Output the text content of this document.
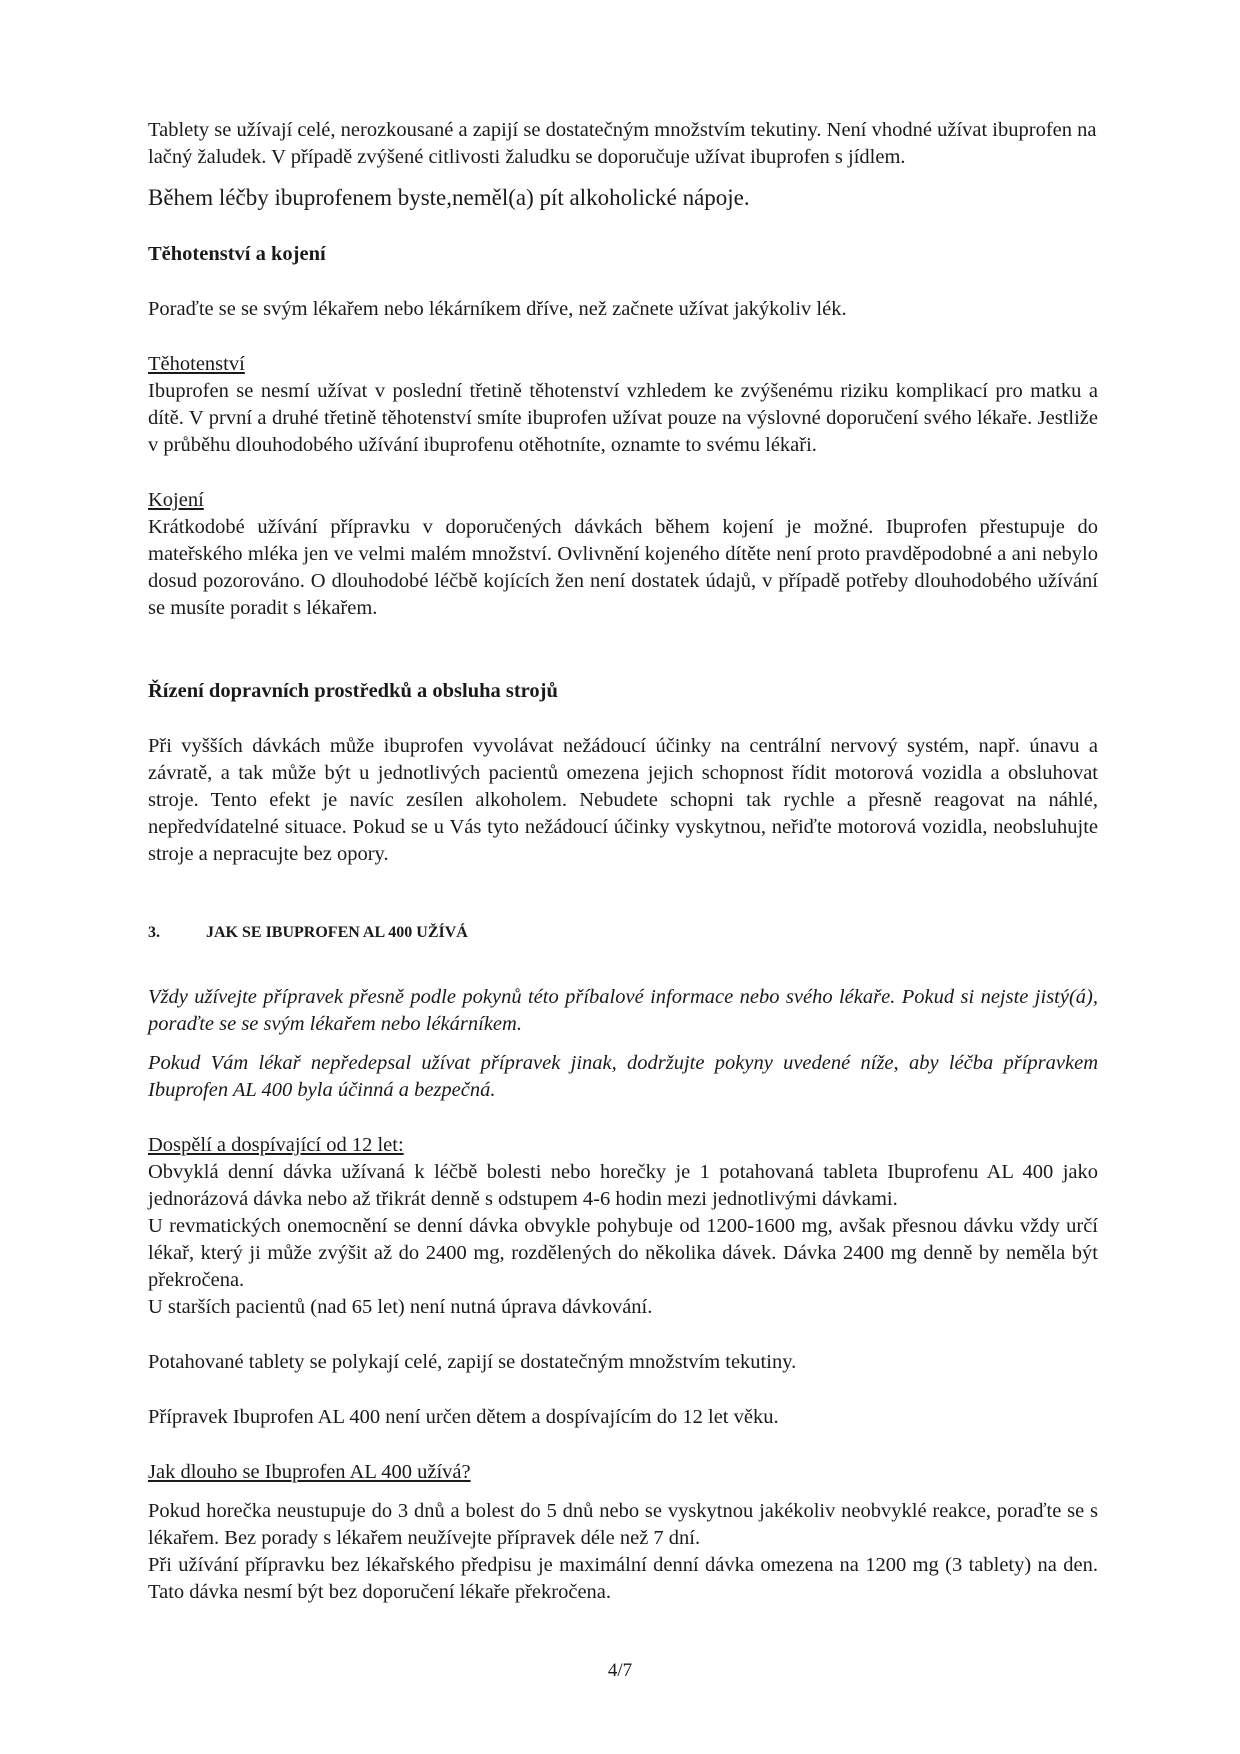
Tablety se užívají celé, nerozkousané a zapijí se dostatečným množstvím tekutiny. Není vhodné užívat ibuprofen na lačný žaludek. V případě zvýšené citlivosti žaludku se doporučuje užívat ibuprofen s jídlem.

Během léčby ibuprofenem byste,neměl(a) pít alkoholické nápoje.

Těhotenství a kojení

Poraďte se se svým lékařem nebo lékárníkem dříve, než začnete užívat jakýkoliv lék.

Těhotenství

Ibuprofen se nesmí užívat v poslední třetině těhotenství vzhledem ke zvýšenému riziku komplikací pro matku a dítě. V první a druhé třetině těhotenství smíte ibuprofen užívat pouze na výslovné doporučení svého lékaře. Jestliže v průběhu dlouhodobého užívání ibuprofenu otěhotníte, oznamte to svému lékaři.

Kojení

Krátkodobé užívání přípravku v doporučených dávkách během kojení je možné. Ibuprofen přestupuje do mateřského mléka jen ve velmi malém množství. Ovlivnění kojeného dítěte není proto pravděpodobné a ani nebylo dosud pozorováno. O dlouhodobé léčbě kojících žen není dostatek údajů, v případě potřeby dlouhodobého užívání se musíte poradit s lékařem.

Řízení dopravních prostředků a obsluha strojů

Při vyšších dávkách může ibuprofen vyvolávat nežádoucí účinky na centrální nervový systém, např. únavu a závratě, a tak může být u jednotlivých pacientů omezena jejich schopnost řídit motorová vozidla a obsluhovat stroje. Tento efekt je navíc zesílen alkoholem. Nebudete schopni tak rychle a přesně reagovat na náhlé, nepředvídatelné situace. Pokud se u Vás tyto nežádoucí účinky vyskytnou, neřiďte motorová vozidla, neobsluhujte stroje a nepracujte bez opory.

3.	JAK SE IBUPROFEN AL 400 UŽÍVÁ

Vždy užívejte přípravek přesně podle pokynů této příbalové informace nebo svého lékaře. Pokud si nejste jistý(á), poraďte se se svým lékařem nebo lékárníkem.

Pokud Vám lékař nepředepsal užívat přípravek jinak, dodržujte pokyny uvedené níže, aby léčba přípravkem Ibuprofen AL 400 byla účinná a bezpečná.

Dospělí a dospívající od 12 let:

Obvyklá denní dávka užívaná k léčbě bolesti nebo horečky je 1 potahovaná tableta Ibuprofenu AL 400 jako jednorázová dávka nebo až třikrát denně s odstupem 4-6 hodin mezi jednotlivými dávkami.

U revmatických onemocnění se denní dávka obvykle pohybuje od 1200-1600 mg, avšak přesnou dávku vždy určí lékař, který ji může zvýšit až do 2400 mg, rozdělených do několika dávek. Dávka 2400 mg denně by neměla být překročena.

U starších pacientů (nad 65 let) není nutná úprava dávkování.

Potahované tablety se polykají celé, zapijí se dostatečným množstvím tekutiny.

Přípravek Ibuprofen AL 400 není určen dětem a dospívajícím do 12 let věku.

Jak dlouho se Ibuprofen AL 400 užívá?

Pokud horečka neustupuje do 3 dnů a bolest do 5 dnů nebo se vyskytnou jakékoliv neobvyklé reakce, poraďte se s lékařem. Bez porady s lékařem neužívejte přípravek déle než 7 dní.

Při užívání přípravku bez lékařského předpisu je maximální denní dávka omezena na 1200 mg (3 tablety) na den. Tato dávka nesmí být bez doporučení lékaře překročena.

4/7
